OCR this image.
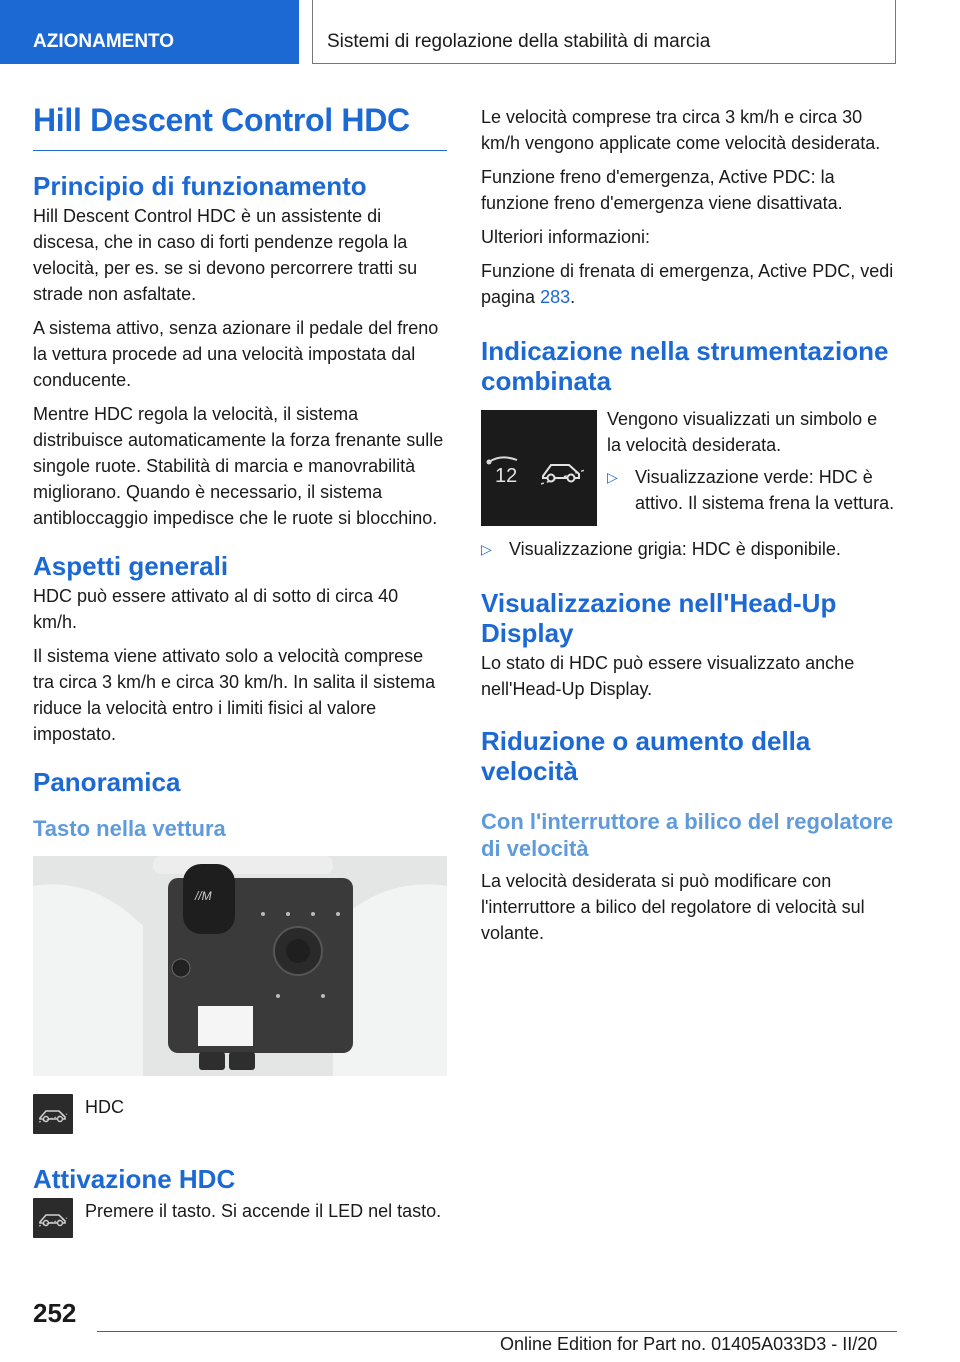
AZIONAMENTO	Sistemi di regolazione della stabilità di marcia
Hill Descent Control HDC
Principio di funzionamento

Hill Descent Control HDC è un assistente di discesa, che in caso di forti pendenze regola la velocità, per es. se si devono percorrere tratti su strade non asfaltate.

A sistema attivo, senza azionare il pedale del freno la vettura procede ad una velocità impostata dal conducente.

Mentre HDC regola la velocità, il sistema distribuisce automaticamente la forza frenante sulle singole ruote. Stabilità di marcia e manovrabilità migliorano. Quando è necessario, il sistema antibloccaggio impedisce che le ruote si blocchino.

Aspetti generali

HDC può essere attivato al di sotto di circa 40 km/h.

Il sistema viene attivato solo a velocità comprese tra circa 3 km/h e circa 30 km/h. In salita il sistema riduce la velocità entro i limiti fisici al valore impostato.

Panoramica
Tasto nella vettura
//M

HDC

Attivazione HDC

Premere il tasto. Si accende il LED nel tasto.

Le velocità comprese tra circa 3 km/h e circa 30 km/h vengono applicate come velocità desiderata.

Funzione freno d'emergenza, Active PDC: la funzione freno d'emergenza viene disattivata.

Ulteriori informazioni:

Funzione di frenata di emergenza, Active PDC, vedi pagina 283.

Indicazione nella strumentazione combinata
12

Vengono visualizzati un simbolo e la velocità desiderata.

▷ Visualizzazione verde: HDC è attivo. Il sistema frena la vettura.

▷ Visualizzazione grigia: HDC è disponibile.

Visualizzazione nell'Head-Up Display

Lo stato di HDC può essere visualizzato anche nell'Head-Up Display.

Riduzione o aumento della velocità
Con l'interruttore a bilico del regolatore di velocità

La velocità desiderata si può modificare con l'interruttore a bilico del regolatore di velocità sul volante.

252
Online Edition for Part no. 01405A033D3 - II/20
